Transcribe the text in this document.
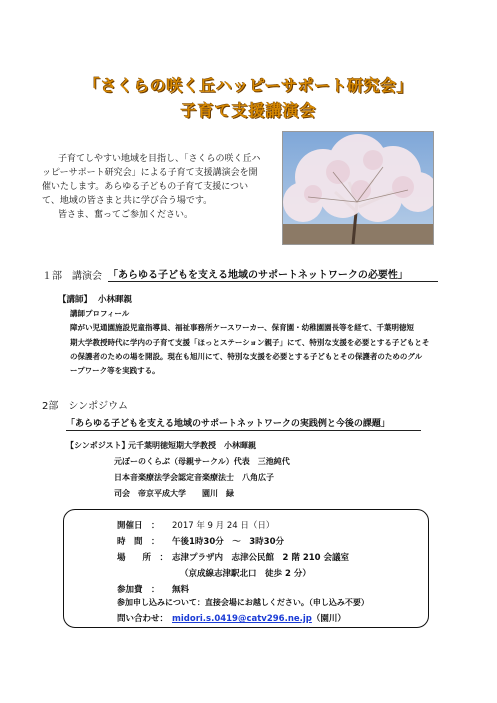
「さくらの咲く丘ハッピーサポート研究会」
子育て支援講演会
子育てしやすい地域を目指し、「さくらの咲く丘ハ
ッピーサポート研究会」による子育て支援講演会を開
催いたします。あらゆる子どもの子育て支援につい
て、地域の皆さまと共に学び合う場です。
皆さま、奮ってご参加ください。
１部　講演会 「あらゆる子どもを支える地域のサポートネットワークの必要性」
【講師】 小林暉親
講師プロフィール
障がい児通園施設児童指導員、福祉事務所ケースワーカー、保育園・幼稚園園長等を経て、千葉明徳短
期大学教授時代に学内の子育て支援「ほっとステーション親子」にて、特別な支援を必要とする子どもとそ
の保護者のための場を開設。現在も旭川にて、特別な支援を必要とする子どもとその保護者のためのグル
ープワーク等を実践する。
2部　シンポジウム
「あらゆる子どもを支える地域のサポートネットワークの実践例と今後の課題」
【シンポジスト】
元千葉明徳短期大学教授　小林暉親
元ぽーのくらぶ（母親サークル）代表　三池純代
日本音楽療法学会認定音楽療法士　八角広子
司会　帝京平成大学　　園川　緑
開催日　： 2017 年 9 月 24 日（日）
時　間　： 午後1時30分　～　3時30分
場　　所　： 志津プラザ内　志津公民館　2 階 210 会議室
（京成線志津駅北口　徒歩 2 分）
参加費　： 無料
参加申し込みについて：直接会場にお越しください。（申し込み不要）
問い合わせ： midori.s.0419@catv296.ne.jp（園川）
